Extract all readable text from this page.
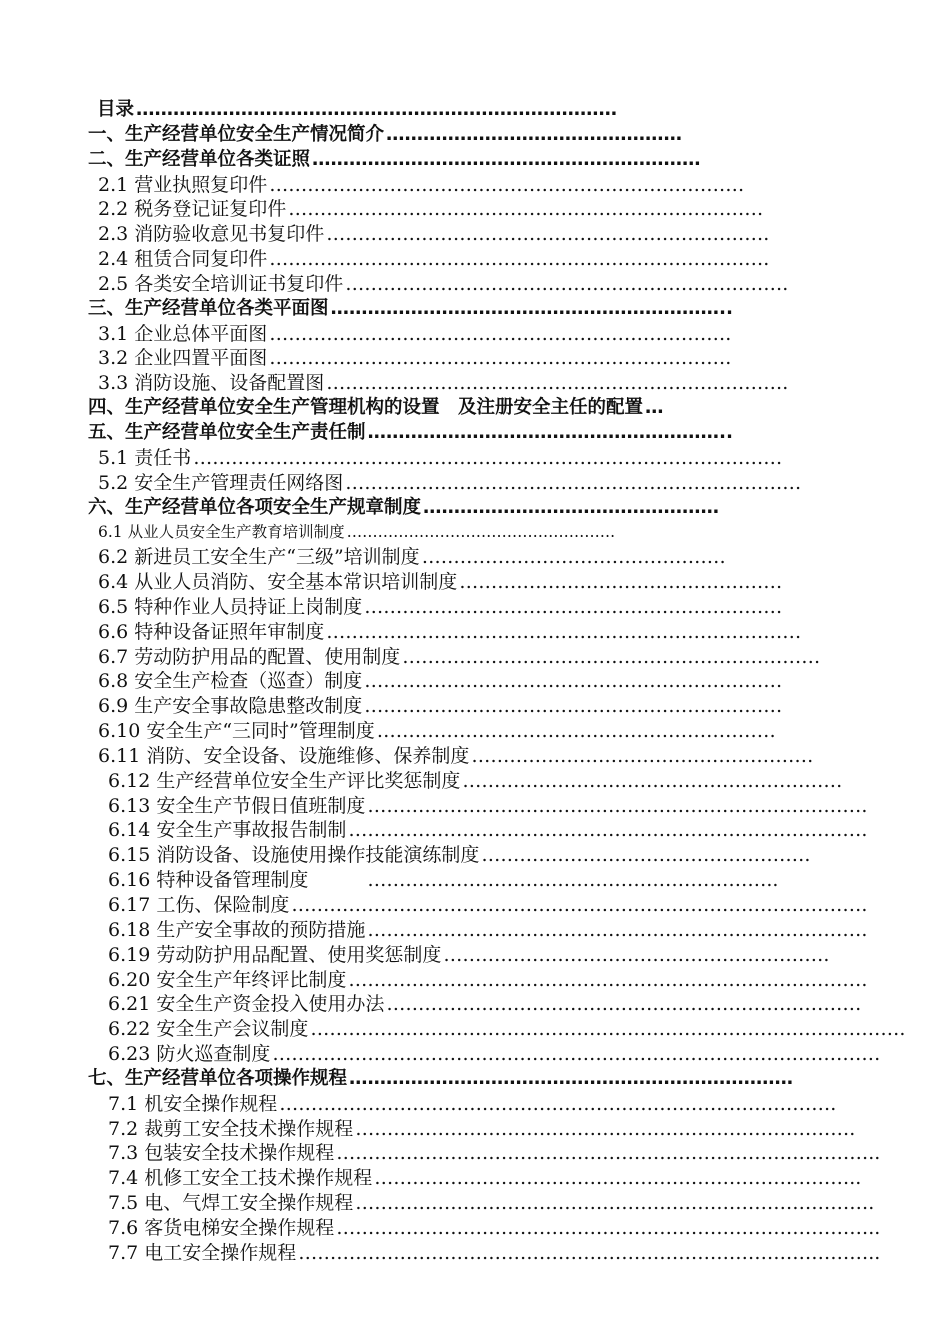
目录 ……………………………………………………………………
一、生产经营单位安全生产情况简介 …………………………………………
二、生产经营单位各类证照 ………………………………………………………
2.1 营业执照复印件 …………………………………………………………………
2.2 税务登记证复印件 …………………………………………………………………
2.3 消防验收意见书复印件 …………………………………………………………….
2.4 租赁合同复印件 …………………………………………………………………….
2.5 各类安全培训证书复印件 …………………………………………………………….
三、生产经营单位各类平面图 ………………………………………………………..
3.1 企业总体平面图 ……………………………………………………………….
3.2 企业四置平面图 ……………………………………………………………….
3.3 消防设施、设备配置图 ……………………………………………………………….
四、生产经营单位安全生产管理机构的设置　及注册安全主任的配置 …
五、生产经营单位安全生产责任制 …………………………………………………..
5.1 责任书 …………………………………………………………………………………
5.2 安全生产管理责任网络图 ………………………………………………………………
六、生产经营单位各项安全生产规章制度 …………………………………………
6.1 从业人员安全生产教育培训制度 …………………………………………….
6.2 新进员工安全生产“三级”培训制度 …………………………………………
6.4 从业人员消防、安全基本常识培训制度 ……………………………………………
6.5 特种作业人员持证上岗制度 …………………………………………………………
6.6 特种设备证照年审制度 …………………………………………………………………
6.7 劳动防护用品的配置、使用制度 …………………………………………………………
6.8 安全生产检查（巡查）制度 …………………………………………………………
6.9 生产安全事故隐患整改制度 …………………………………………………………
6.10 安全生产“三同时”管理制度 ………………………………………………………
6.11 消防、安全设备、设施维修、保养制度 ………………………………………………
6.12 生产经营单位安全生产评比奖惩制度 ……………………………………………………
6.13 安全生产节假日值班制度 …………………………………………………………………….
6.14 安全生产事故报告制制 ……………………………………………………………………….
6.15 消防设备、设施使用操作技能演练制度 …………………………………………….
6.16 特种设备管理制度 　　　………………………………………………………..
6.17 工伤、保险制度 ……………………………………………………………………………….
6.18 生产安全事故的预防措施 …………………………………………………………………….
6.19 劳动防护用品配置、使用奖惩制度 …………………………………………………….
6.20 安全生产年终评比制度 ……………………………………………………………………….
6.21 安全生产资金投入使用办法 …………………………………………………………………
6.22 安全生产会议制度 ………………………………………………………………………………….
6.23 防火巡查制度 ……………………………………………………………………………………
七、生产经营单位各项操作规程 ………………………………………………………………
7.1 机安全操作规程 …………………………………………………………………………….
7.2 裁剪工安全技术操作规程 …………………………………………………………………….
7.3 包装安全技术操作规程 …………………………………………………………………………..
7.4 机修工安全工技术操作规程 …………………………………………………………………..
7.5 电、气焊工安全操作规程 ……………………………………………………………………….
7.6 客货电梯安全操作规程 …………………………………………………………………………..
7.7 电工安全操作规程 ………………………………………………………………………………..
